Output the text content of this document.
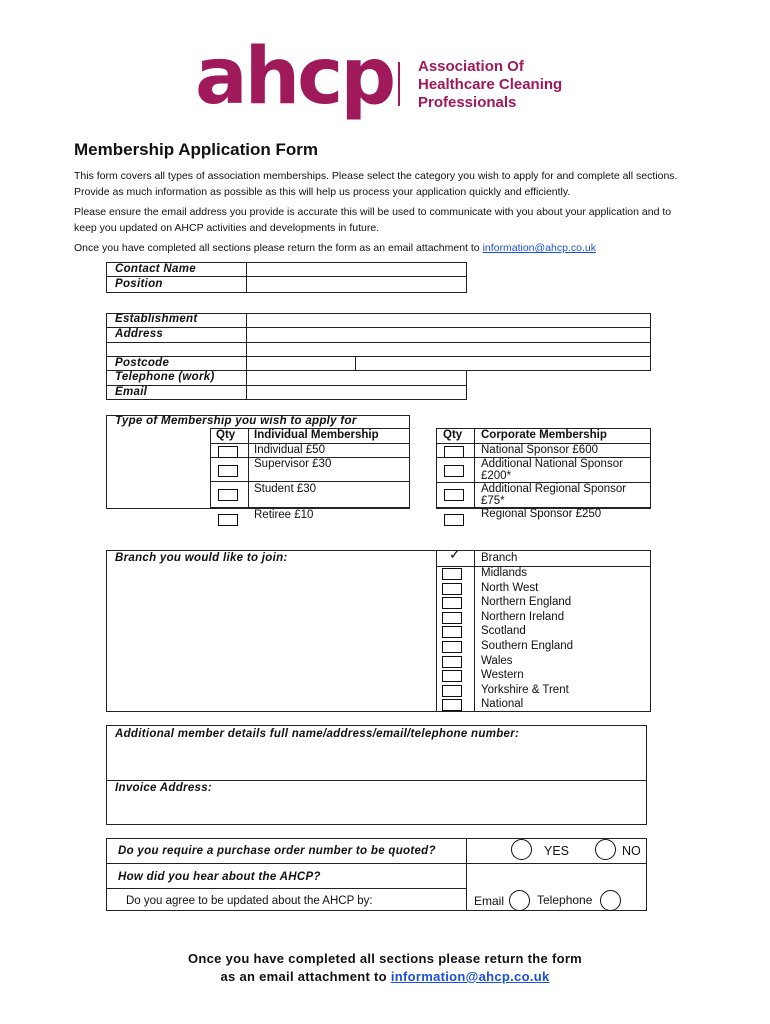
ahcp Association Of
Healthcare Cleaning
Professionals
Membership Application Form
This form covers all types of association memberships. Please select the category you wish to apply for and complete all sections. Provide as much information as possible as this will help us process your application quickly and efficiently.
Please ensure the email address you provide is accurate this will be used to communicate with you about your application and to keep you updated on AHCP activities and developments in future.
Once you have completed all sections please return the form as an email attachment to information@ahcp.co.uk
Contact Name
Position
Establishment
Address
Postcode
Telephone (work)
Email
Type of Membership you wish to apply for
Qty Individual Membership
Individual £50
Supervisor £30
Student £30
Retiree £10
Qty Corporate Membership
National Sponsor £600
Additional National Sponsor
£200*
Additional Regional Sponsor
£75*
Regional Sponsor £250
Branch you would like to join:	✓ Branch
Midlands
North West
Northern England
Northern Ireland
Scotland
Southern England
Wales
Western
Yorkshire & Trent
National
Additional member details full name/address/email/telephone number:
Invoice Address:
Do you require a purchase order number to be quoted?	YES	NO
How did you hear about the AHCP?
Do you agree to be updated about the AHCP by:	Email	Telephone
Once you have completed all sections please return the form
as an email attachment to information@ahcp.co.uk
